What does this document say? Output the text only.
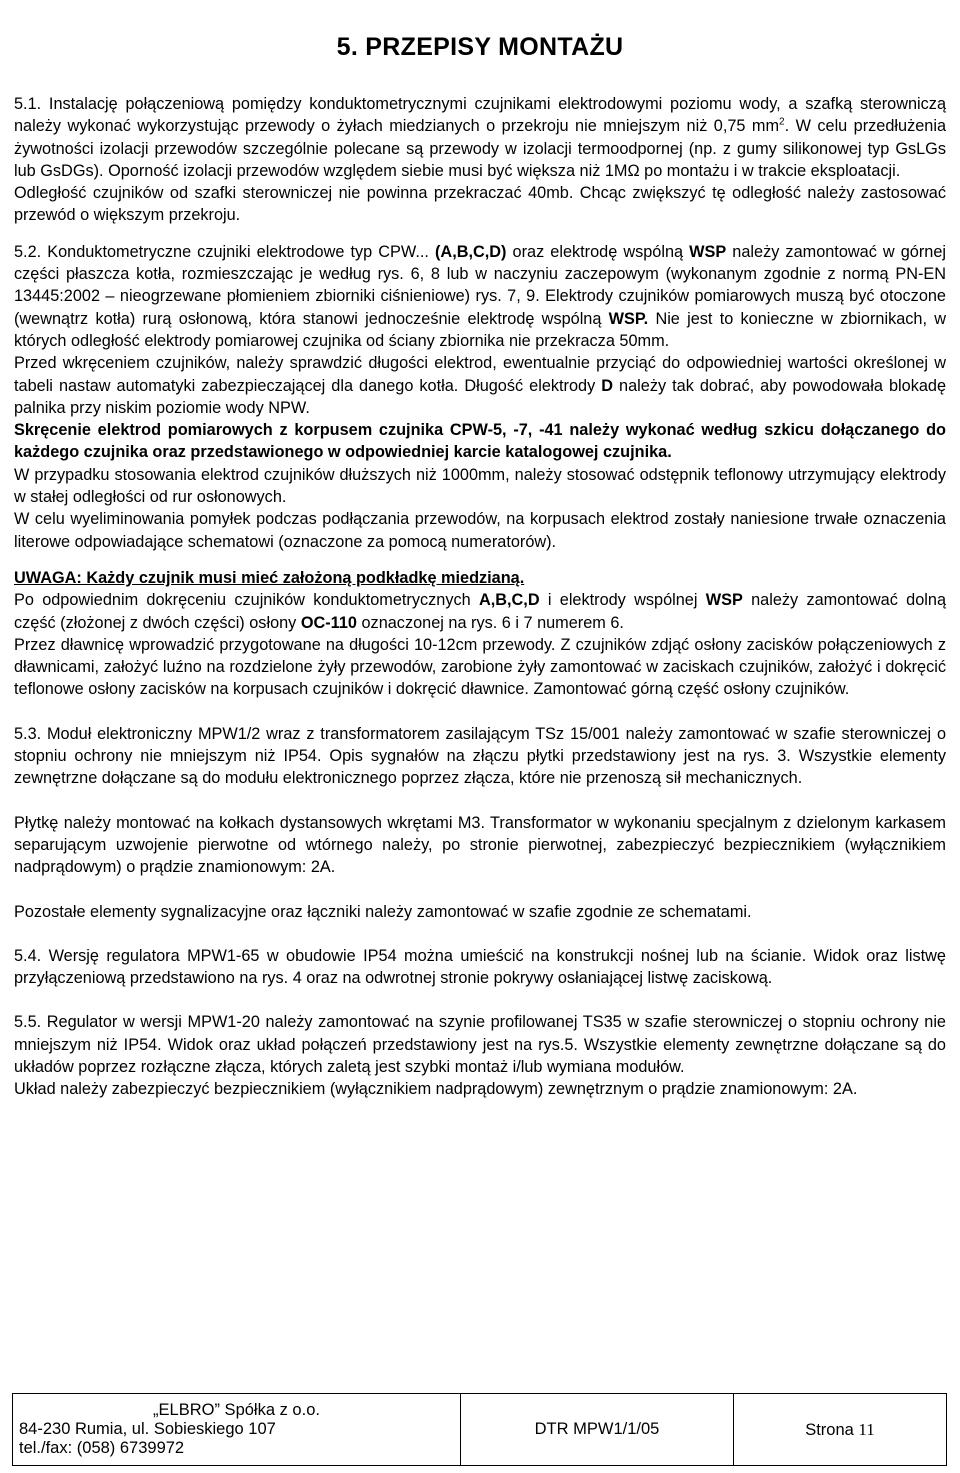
5. PRZEPISY MONTAŻU

5.1. Instalację połączeniową pomiędzy konduktometrycznymi czujnikami elektrodowymi poziomu wody, a szafką sterowniczą należy wykonać wykorzystując przewody o żyłach miedzianych o przekroju nie mniejszym niż 0,75 $mm^2$. W celu przedłużenia żywotności izolacji przewodów szczególnie polecane są przewody w izolacji termoodpornej (np. z gumy silikonowej typ GsLGs lub GsDGs). Oporność izolacji przewodów względem siebie musi być większa niż 1MΩ po montażu i w trakcie eksploatacji.

Odległość czujników od szafki sterowniczej nie powinna przekraczać 40mb. Chcąc zwiększyć tę odległość należy zastosować przewód o większym przekroju.

5.2. Konduktometryczne czujniki elektrodowe typ CPW... (A,B,C,D) oraz elektrodę wspólną WSP należy zamontować w górnej części płaszcza kotła, rozmieszczając je według rys. 6, 8 lub w naczyniu zaczepowym (wykonanym zgodnie z normą PN-EN 13445:2002 – nieogrzewane płomieniem zbiorniki ciśnieniowe) rys. 7, 9. Elektrody czujników pomiarowych muszą być otoczone (wewnątrz kotła) rurą osłonową, która stanowi jednocześnie elektrodę wspólną WSP. Nie jest to konieczne w zbiornikach, w których odległość elektrody pomiarowej czujnika od ściany zbiornika nie przekracza 50mm.

Przed wkręceniem czujników, należy sprawdzić długości elektrod, ewentualnie przyciąć do odpowiedniej wartości określonej w tabeli nastaw automatyki zabezpieczającej dla danego kotła. Długość elektrody D należy tak dobrać, aby powodowała blokadę palnika przy niskim poziomie wody NPW.

Skręcenie elektrod pomiarowych z korpusem czujnika CPW-5, -7, -41 należy wykonać według szkicu dołączanego do każdego czujnika oraz przedstawionego w odpowiedniej karcie katalogowej czujnika.

W przypadku stosowania elektrod czujników dłuższych niż 1000mm, należy stosować odstępnik teflonowy utrzymujący elektrody w stałej odległości od rur osłonowych.

W celu wyeliminowania pomyłek podczas podłączania przewodów, na korpusach elektrod zostały naniesione trwałe oznaczenia literowe odpowiadające schematowi (oznaczone za pomocą numeratorów).

UWAGA: Każdy czujnik musi mieć założoną podkładkę miedzianą.

Po odpowiednim dokręceniu czujników konduktometrycznych A,B,C,D i elektrody wspólnej WSP należy zamontować dolną część (złożonej z dwóch części) osłony OC-110 oznaczonej na rys. 6 i 7 numerem 6.

Przez dławnicę wprowadzić przygotowane na długości 10-12cm przewody. Z czujników zdjąć osłony zacisków połączeniowych z dławnicami, założyć luźno na rozdzielone żyły przewodów, zarobione żyły zamontować w zaciskach czujników, założyć i dokręcić teflonowe osłony zacisków na korpusach czujników i dokręcić dławnice. Zamontować górną część osłony czujników.

5.3. Moduł elektroniczny MPW1/2 wraz z transformatorem zasilającym TSz 15/001 należy zamontować w szafie sterowniczej o stopniu ochrony nie mniejszym niż IP54. Opis sygnałów na złączu płytki przedstawiony jest na rys. 3. Wszystkie elementy zewnętrzne dołączane są do modułu elektronicznego poprzez złącza, które nie przenoszą sił mechanicznych.

Płytkę należy montować na kołkach dystansowych wkrętami M3. Transformator w wykonaniu specjalnym z dzielonym karkasem separującym uzwojenie pierwotne od wtórnego należy, po stronie pierwotnej, zabezpieczyć bezpiecznikiem (wyłącznikiem nadprądowym) o prądzie znamionowym: 2A.

Pozostałe elementy sygnalizacyjne oraz łączniki należy zamontować w szafie zgodnie ze schematami.

5.4. Wersję regulatora MPW1-65 w obudowie IP54 można umieścić na konstrukcji nośnej lub na ścianie. Widok oraz listwę przyłączeniową przedstawiono na rys. 4 oraz na odwrotnej stronie pokrywy osłaniającej listwę zaciskową.

5.5. Regulator w wersji MPW1-20 należy zamontować na szynie profilowanej TS35 w szafie sterowniczej o stopniu ochrony nie mniejszym niż IP54. Widok oraz układ połączeń przedstawiony jest na rys.5. Wszystkie elementy zewnętrzne dołączane są do układów poprzez rozłączne złącza, których zaletą jest szybki montaż i/lub wymiana modułów.

Układ należy zabezpieczyć bezpiecznikiem (wyłącznikiem nadprądowym) zewnętrznym o prądzie znamionowym: 2A.

„ELBRO” Spółka z o.o.
84-230 Rumia, ul. Sobieskiego 107
tel./fax: (058) 6739972
	DTR MPW1/1/05	Strona 11
